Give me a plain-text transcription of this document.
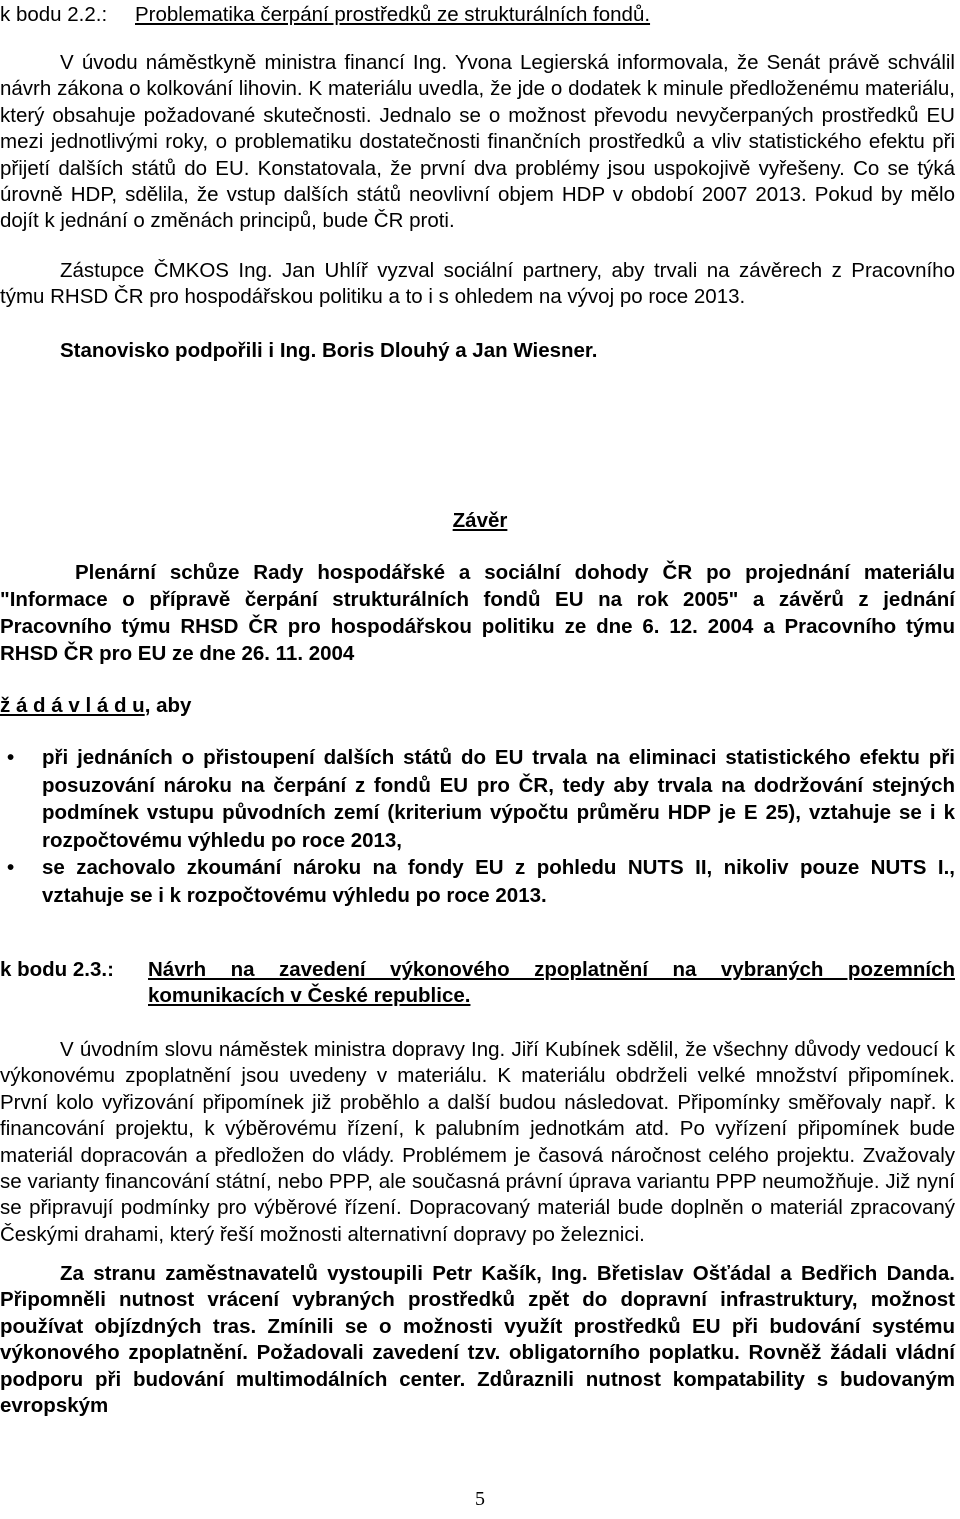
k bodu 2.2.:	Problematika čerpání prostředků ze strukturálních fondů.

V úvodu náměstkyně ministra financí Ing. Yvona Legierská informovala, že Senát právě schválil návrh zákona o kolkování lihovin. K materiálu uvedla, že jde o dodatek k minule předloženému materiálu, který obsahuje požadované skutečnosti. Jednalo se o možnost převodu nevyčerpaných prostředků EU mezi jednotlivými roky, o problematiku dostatečnosti finančních prostředků a vliv statistického efektu při přijetí dalších států do EU. Konstatovala, že první dva problémy jsou uspokojivě vyřešeny. Co se týká úrovně HDP, sdělila, že vstup dalších států neovlivní objem HDP v období 2007 2013. Pokud by mělo dojít k jednání o změnách principů, bude ČR proti.

Zástupce ČMKOS Ing. Jan Uhlíř vyzval sociální partnery, aby trvali na závěrech z Pracovního týmu RHSD ČR pro hospodářskou politiku a to i s ohledem na vývoj po roce 2013.

Stanovisko podpořili i Ing. Boris Dlouhý a Jan Wiesner.

Závěr

Plenární schůze Rady hospodářské a sociální dohody ČR po projednání materiálu "Informace o přípravě čerpání strukturálních fondů EU na rok 2005" a závěrů z jednání Pracovního týmu RHSD ČR pro hospodářskou politiku ze dne 6. 12. 2004 a Pracovního týmu RHSD ČR pro EU ze dne 26. 11. 2004

ž á d á v l á d u, aby
• při jednáních o přistoupení dalších států do EU trvala na eliminaci statistického efektu při posuzování nároku na čerpání z fondů EU pro ČR, tedy aby trvala na dodržování stejných podmínek vstupu původních zemí (kriterium výpočtu průměru HDP je E 25), vztahuje se i k rozpočtovému výhledu po roce 2013,
• se zachovalo zkoumání nároku na fondy EU z pohledu NUTS II, nikoliv pouze NUTS I., vztahuje se i k rozpočtovému výhledu po roce 2013.
k bodu 2.3.:	Návrh na zavedení výkonového zpoplatnění na vybraných pozemních komunikacích v České republice.

V úvodním slovu náměstek ministra dopravy Ing. Jiří Kubínek sdělil, že všechny důvody vedoucí k výkonovému zpoplatnění jsou uvedeny v materiálu. K materiálu obdrželi velké množství připomínek. První kolo vyřizování připomínek již proběhlo a další budou následovat. Připomínky směřovaly např. k financování projektu, k výběrovému řízení, k palubním jednotkám atd. Po vyřízení připomínek bude materiál dopracován a předložen do vlády. Problémem je časová náročnost celého projektu. Zvažovaly se varianty financování státní, nebo PPP, ale současná právní úprava variantu PPP neumožňuje. Již nyní se připravují podmínky pro výběrové řízení. Dopracovaný materiál bude doplněn o materiál zpracovaný Českými drahami, který řeší možnosti alternativní dopravy po železnici.

Za stranu zaměstnavatelů vystoupili Petr Kašík, Ing. Břetislav Ošťádal a Bedřich Danda. Připomněli nutnost vrácení vybraných prostředků zpět do dopravní infrastruktury, možnost používat objízdných tras. Zmínili se o možnosti využít prostředků EU při budování systému výkonového zpoplatnění. Požadovali zavedení tzv. obligatorního poplatku. Rovněž žádali vládní podporu při budování multimodálních center. Zdůraznili nutnost kompatability s budovaným evropským

5
